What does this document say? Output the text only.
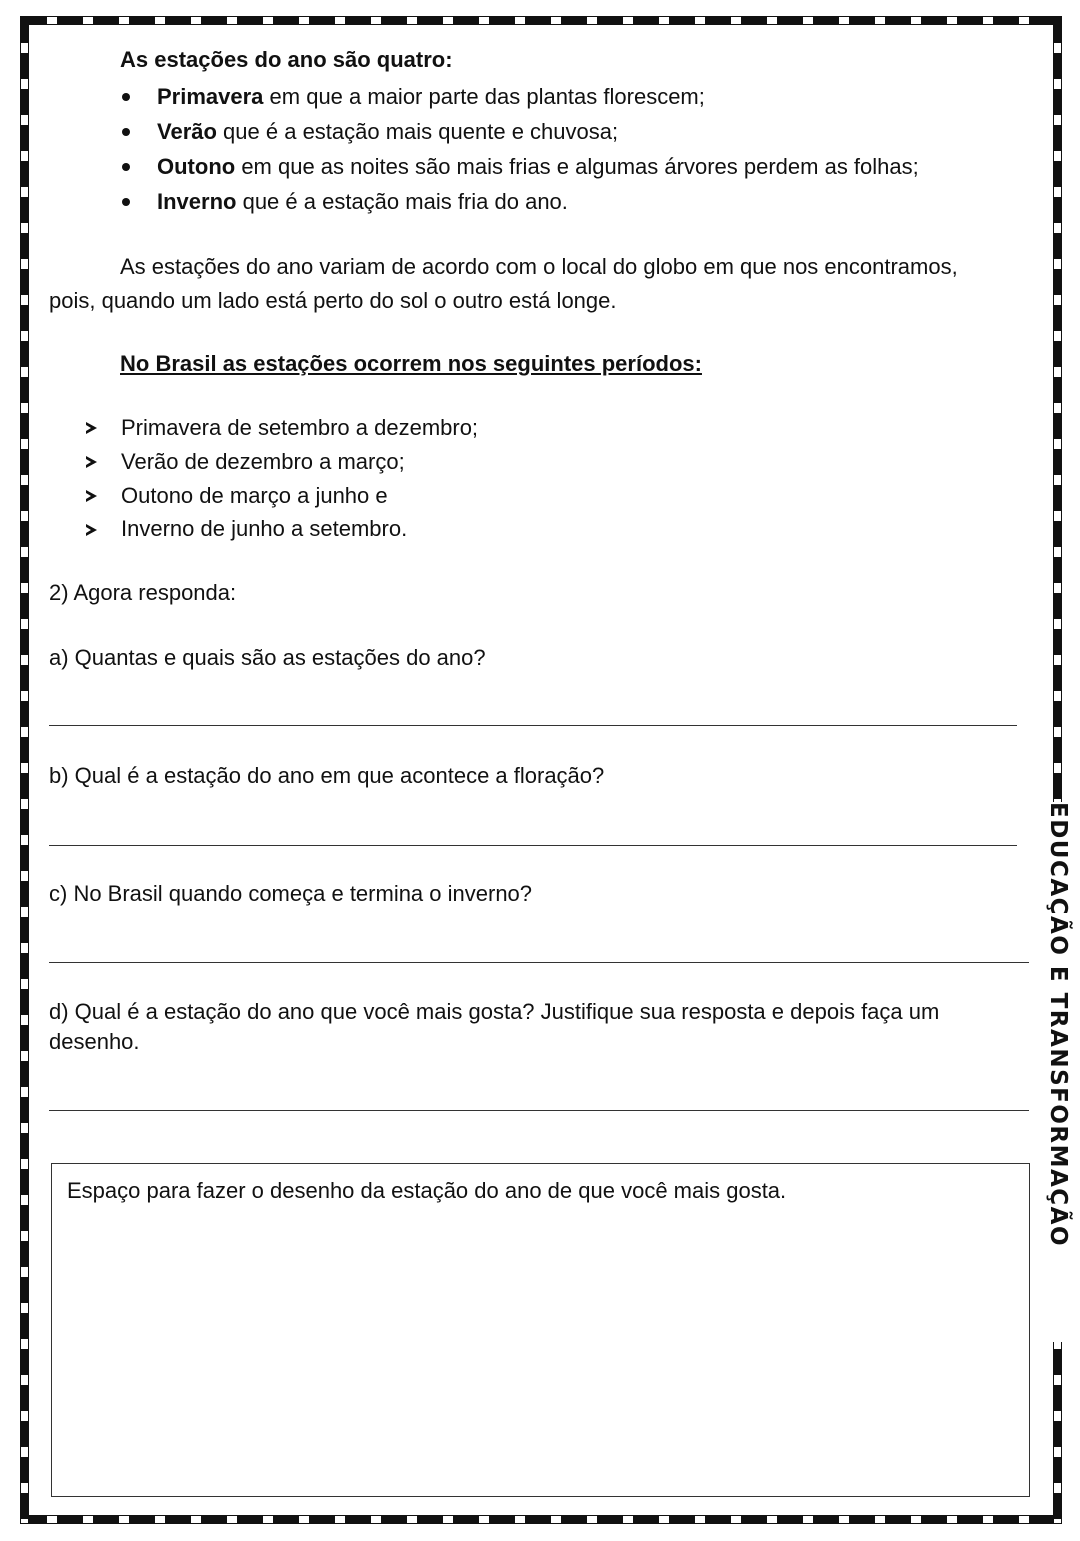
EDUCAÇÃO E TRANSFORMAÇÃO
As estações do ano são quatro:
Primavera em que a maior parte das plantas florescem;
Verão que é a estação mais quente e chuvosa;
Outono em que as noites são mais frias e algumas árvores perdem as folhas;
Inverno que é a estação mais fria do ano.
As estações do ano variam de acordo com o local do globo em que nos encontramos,
pois, quando um lado está perto do sol o outro está longe.
No Brasil as estações ocorrem nos seguintes períodos:
Primavera de setembro a dezembro;
Verão de dezembro a março;
Outono de março a junho e
Inverno de junho a setembro.
2) Agora responda:
a) Quantas e quais são as estações do ano?
b) Qual é a estação do ano em que acontece a floração?
c) No Brasil quando começa e termina o inverno?
d) Qual é a estação do ano que você mais gosta? Justifique sua resposta e depois faça um
desenho.
Espaço para fazer o desenho da estação do ano de que você mais gosta.
